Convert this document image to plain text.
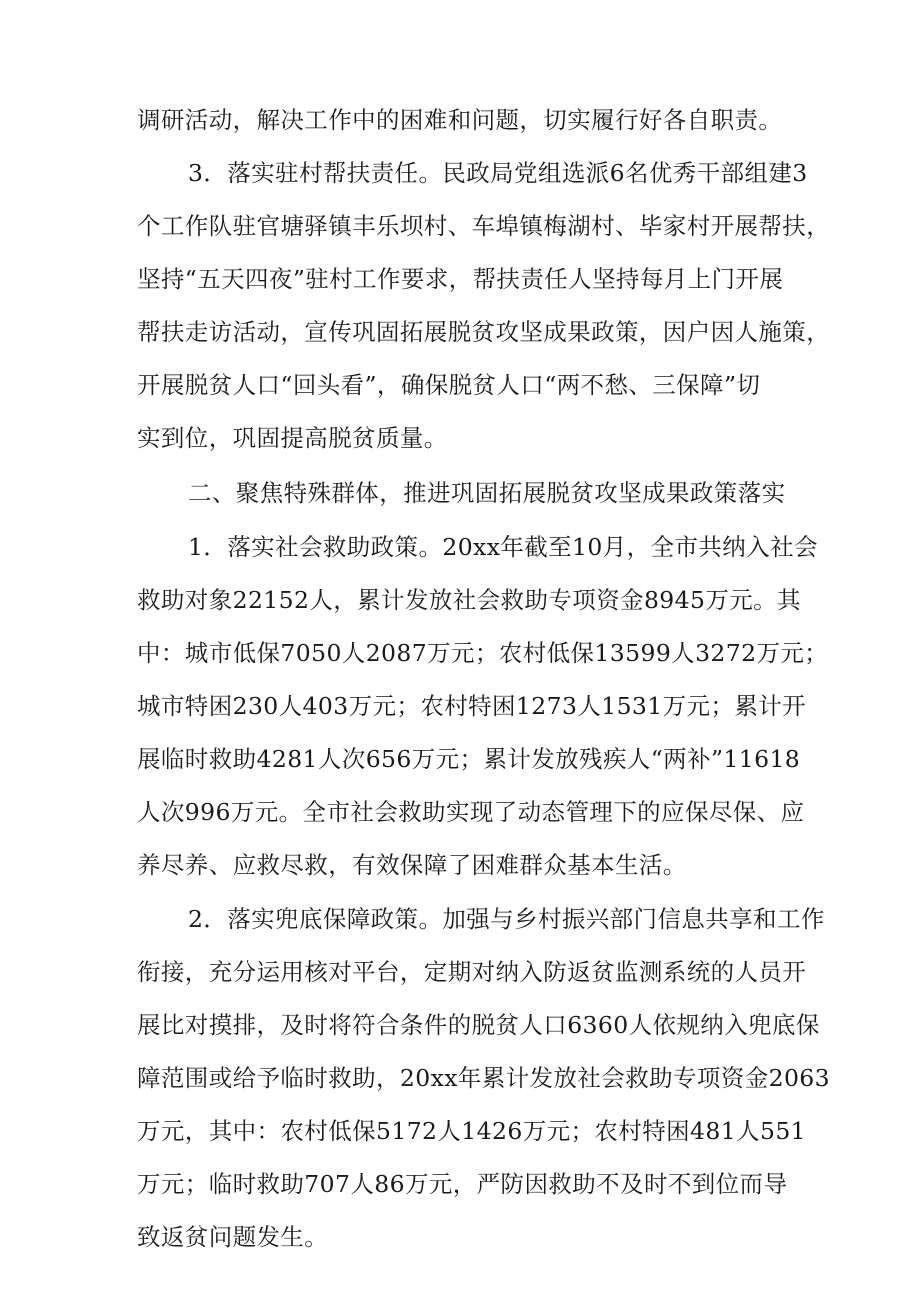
调研活动，解决工作中的困难和问题，切实履行好各自职责。
3．落实驻村帮扶责任。民政局党组选派6名优秀干部组建3
个工作队驻官塘驿镇丰乐坝村、车埠镇梅湖村、毕家村开展帮扶，
坚持“五天四夜”驻村工作要求，帮扶责任人坚持每月上门开展
帮扶走访活动，宣传巩固拓展脱贫攻坚成果政策，因户因人施策，
开展脱贫人口“回头看”，确保脱贫人口“两不愁、三保障”切
实到位，巩固提高脱贫质量。
二、聚焦特殊群体，推进巩固拓展脱贫攻坚成果政策落实
1．落实社会救助政策。20xx年截至10月，全市共纳入社会
救助对象22152人，累计发放社会救助专项资金8945万元。其
中：城市低保7050人2087万元；农村低保13599人3272万元；
城市特困230人403万元；农村特困1273人1531万元；累计开
展临时救助4281人次656万元；累计发放残疾人“两补”11618
人次996万元。全市社会救助实现了动态管理下的应保尽保、应
养尽养、应救尽救，有效保障了困难群众基本生活。
2．落实兜底保障政策。加强与乡村振兴部门信息共享和工作
衔接，充分运用核对平台，定期对纳入防返贫监测系统的人员开
展比对摸排，及时将符合条件的脱贫人口6360人依规纳入兜底保
障范围或给予临时救助，20xx年累计发放社会救助专项资金2063
万元，其中：农村低保5172人1426万元；农村特困481人551
万元；临时救助707人86万元，严防因救助不及时不到位而导
致返贫问题发生。
